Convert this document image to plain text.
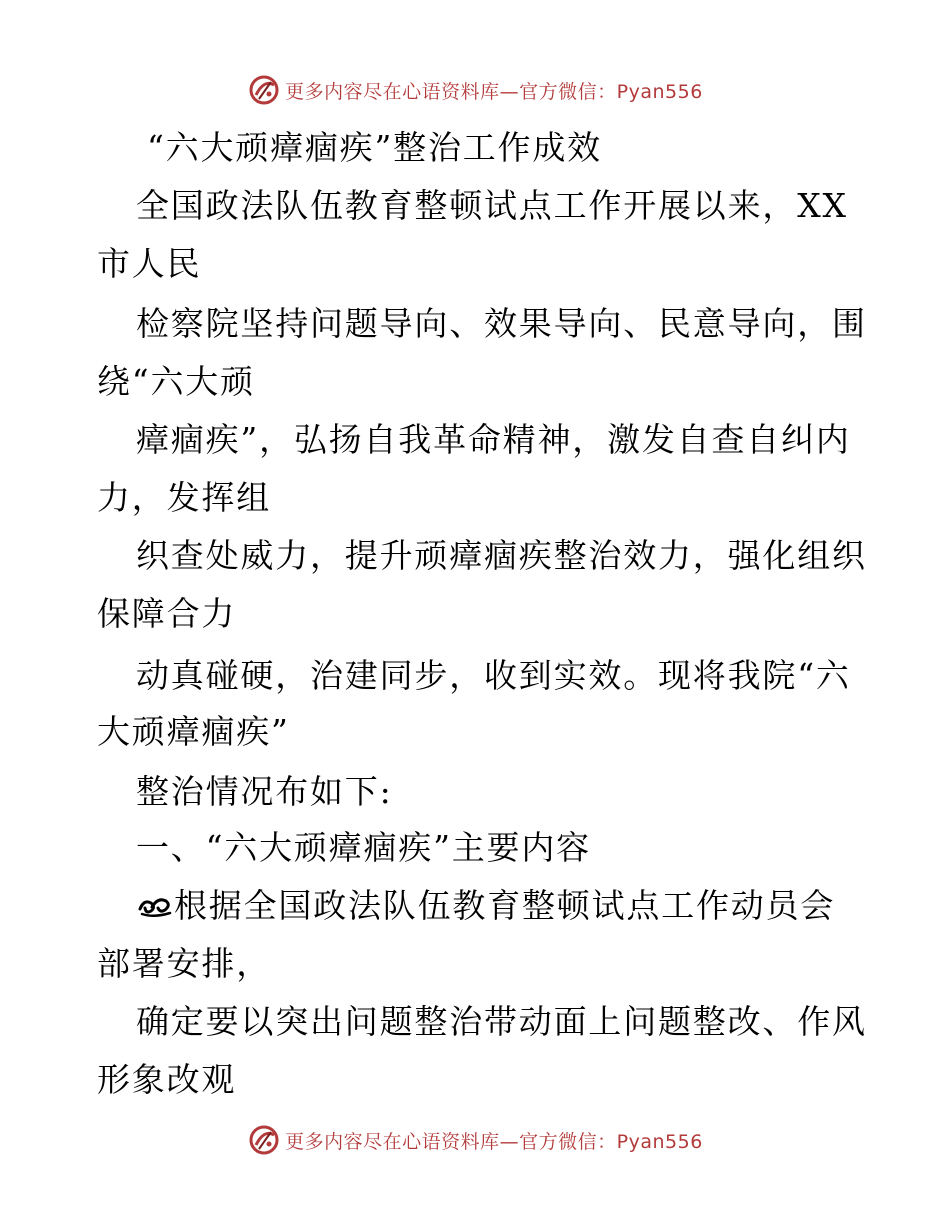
更多内容尽在心语资料库—官方微信：Pyan556
“六大顽瘴痼疾”整治工作成效
全国政法队伍教育整顿试点工作开展以来，XX
市人民
检察院坚持问题导向、效果导向、民意导向，围
绕“六大顽
瘴痼疾”，弘扬自我革命精神，激发自查自纠内
力，发挥组
织查处威力，提升顽瘴痼疾整治效力，强化组织
保障合力
动真碰硬，治建同步，收到实效。现将我院“六
大顽瘴痼疾”
整治情况布如下:
一、“六大顽瘴痼疾”主要内容
根据全国政法队伍教育整顿试点工作动员会
部署安排，
确定要以突出问题整治带动面上问题整改、作风
形象改观
更多内容尽在心语资料库—官方微信：Pyan556
